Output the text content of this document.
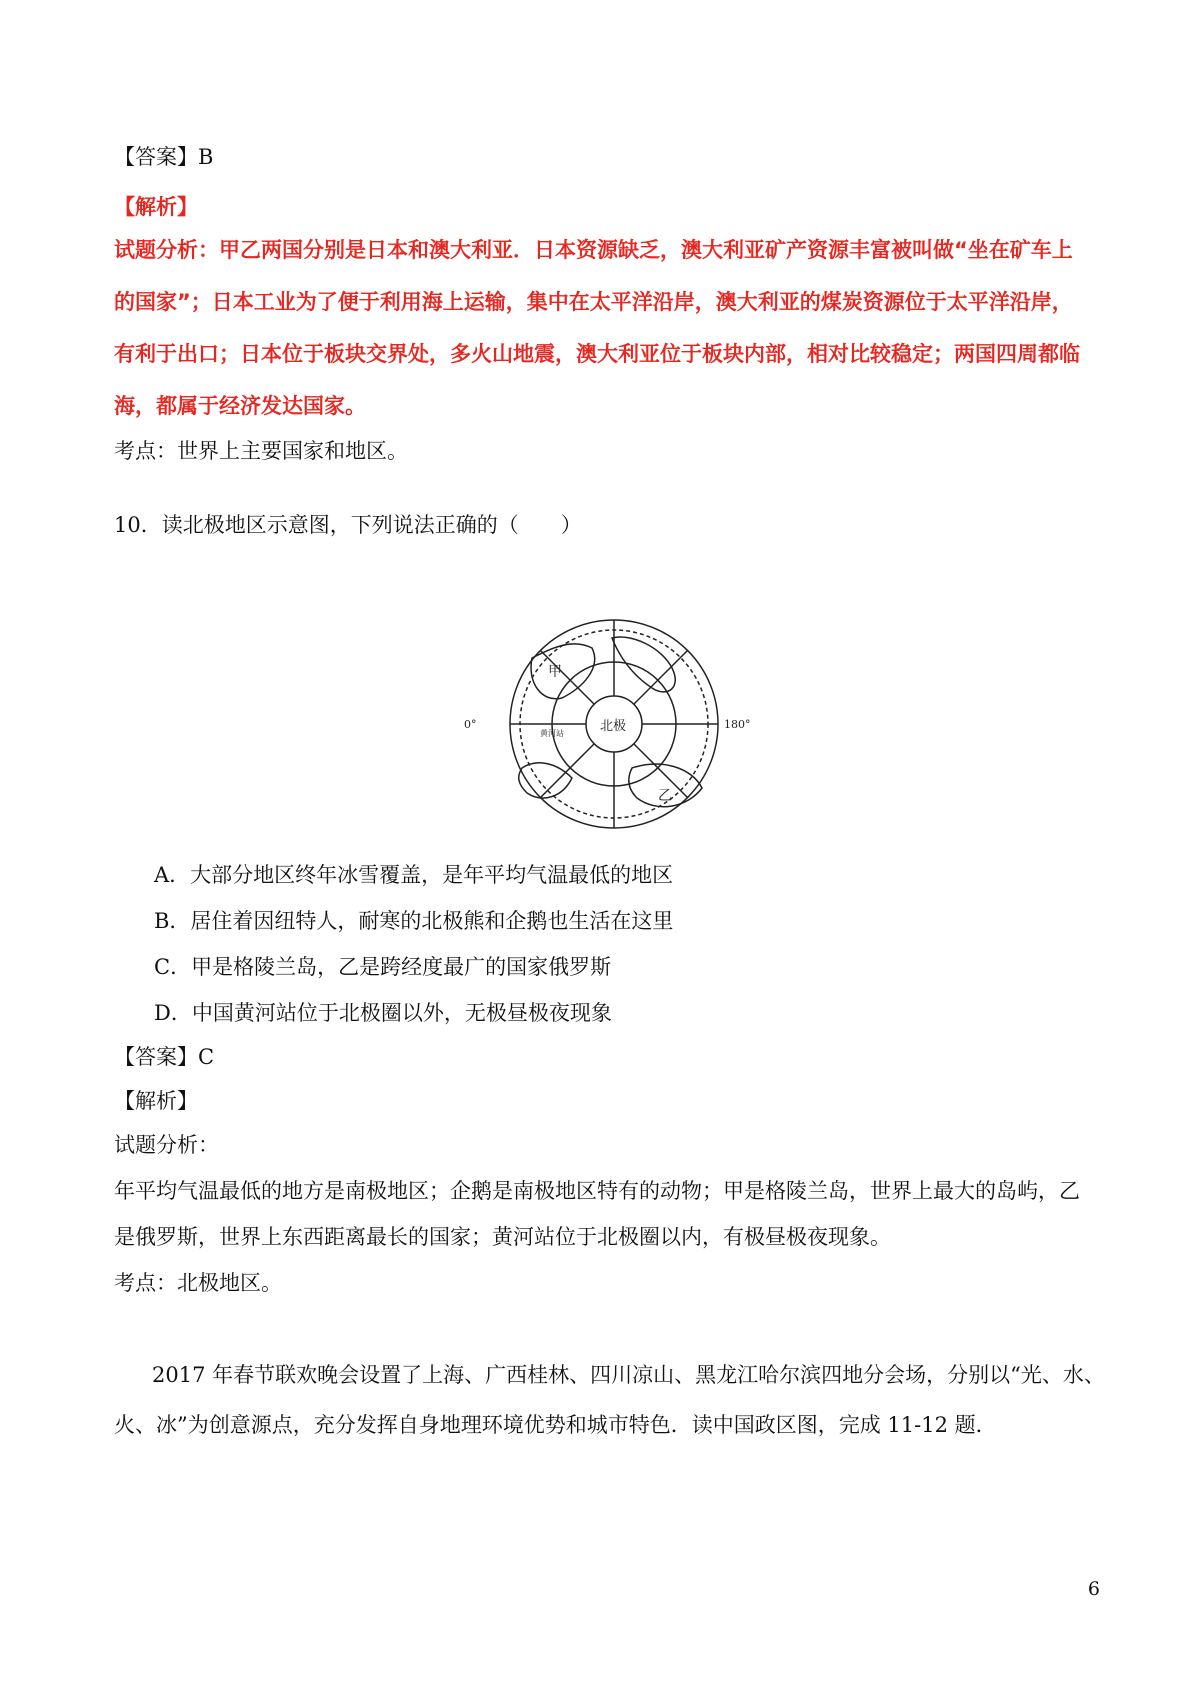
【答案】B
【解析】
试题分析：甲乙两国分别是日本和澳大利亚．日本资源缺乏，澳大利亚矿产资源丰富被叫做“坐在矿车上
的国家”；日本工业为了便于利用海上运输，集中在太平洋沿岸，澳大利亚的煤炭资源位于太平洋沿岸，
有利于出口；日本位于板块交界处，多火山地震，澳大利亚位于板块内部，相对比较稳定；两国四周都临
海，都属于经济发达国家。
考点：世界上主要国家和地区。
10．读北极地区示意图，下列说法正确的（　　）
甲
乙
北极
0°	180°
黄河站
A．大部分地区终年冰雪覆盖，是年平均气温最低的地区
B．居住着因纽特人，耐寒的北极熊和企鹅也生活在这里
C．甲是格陵兰岛，乙是跨经度最广的国家俄罗斯
D．中国黄河站位于北极圈以外，无极昼极夜现象
【答案】C
【解析】
试题分析：
年平均气温最低的地方是南极地区；企鹅是南极地区特有的动物；甲是格陵兰岛，世界上最大的岛屿，乙
是俄罗斯，世界上东西距离最长的国家；黄河站位于北极圈以内，有极昼极夜现象。
考点：北极地区。
2017 年春节联欢晚会设置了上海、广西桂林、四川凉山、黑龙江哈尔滨四地分会场，分别以“光、水、
火、冰”为创意源点，充分发挥自身地理环境优势和城市特色．读中国政区图，完成 11-12 题．
6
